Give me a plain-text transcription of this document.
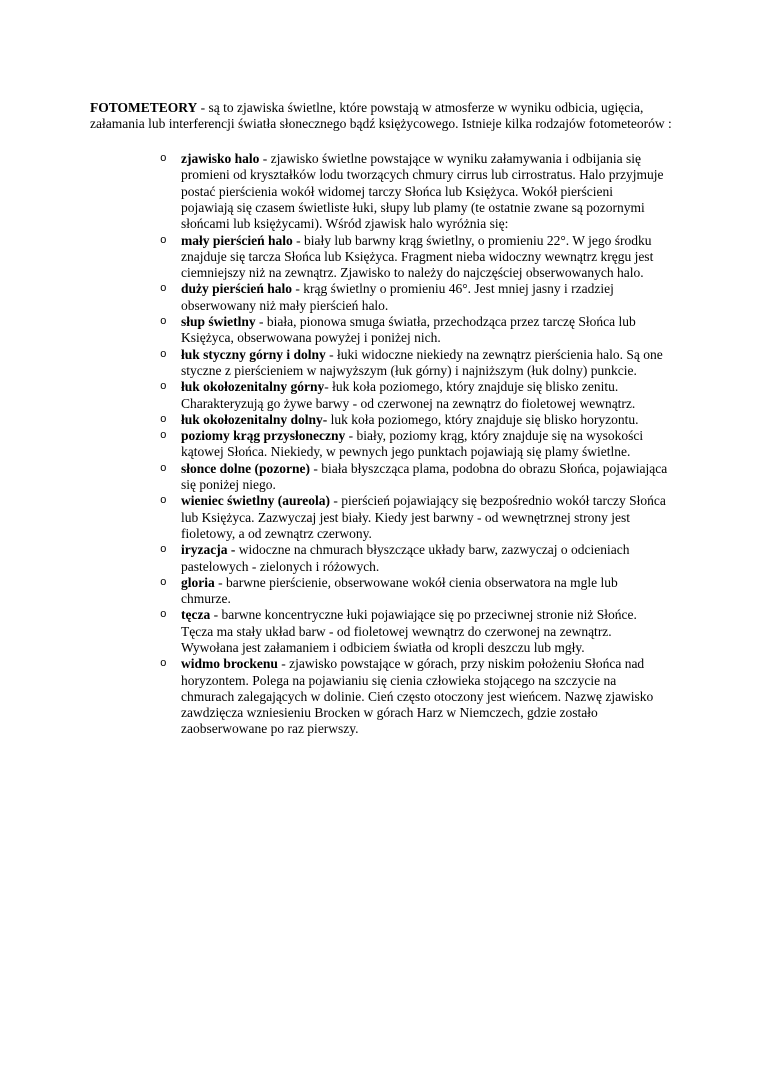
FOTOMETEORY - są to zjawiska świetlne, które powstają w atmosferze w wyniku odbicia, ugięcia, załamania lub interferencji światła słonecznego bądź księżycowego. Istnieje kilka rodzajów fotometeorów :

o	zjawisko halo - zjawisko świetlne powstające w wyniku załamywania i odbijania się promieni od kryształków lodu tworzących chmury cirrus lub cirrostratus. Halo przyjmuje postać pierścienia wokół widomej tarczy Słońca lub Księżyca. Wokół pierścieni pojawiają się czasem świetliste łuki, słupy lub plamy (te ostatnie zwane są pozornymi słońcami lub księżycami). Wśród zjawisk halo wyróżnia się:
o	mały pierścień halo - biały lub barwny krąg świetlny, o promieniu 22°. W jego środku znajduje się tarcza Słońca lub Księżyca. Fragment nieba widoczny wewnątrz kręgu jest ciemniejszy niż na zewnątrz. Zjawisko to należy do najczęściej obserwowanych halo.
o	duży pierścień halo - krąg świetlny o promieniu 46°. Jest mniej jasny i rzadziej obserwowany niż mały pierścień halo.
o	słup świetlny - biała, pionowa smuga światła, przechodząca przez tarczę Słońca lub Księżyca, obserwowana powyżej i poniżej nich.
o	łuk styczny górny i dolny - łuki widoczne niekiedy na zewnątrz pierścienia halo. Są one styczne z pierścieniem w najwyższym (łuk górny) i najniższym (łuk dolny) punkcie.
o	łuk okołozenitalny górny- łuk koła poziomego, który znajduje się blisko zenitu. Charakteryzują go żywe barwy - od czerwonej na zewnątrz do fioletowej wewnątrz.
o	łuk okołozenitalny dolny- luk koła poziomego, który znajduje się blisko horyzontu.
o	poziomy krąg przysłoneczny - biały, poziomy krąg, który znajduje się na wysokości kątowej Słońca. Niekiedy, w pewnych jego punktach pojawiają się plamy świetlne.
o	słonce dolne (pozorne) - biała błyszcząca plama, podobna do obrazu Słońca, pojawiająca się poniżej niego.
o	wieniec świetlny (aureola) - pierścień pojawiający się bezpośrednio wokół tarczy Słońca lub Księżyca. Zazwyczaj jest biały. Kiedy jest barwny - od wewnętrznej strony jest fioletowy, a od zewnątrz czerwony.
o	iryzacja - widoczne na chmurach błyszczące układy barw, zazwyczaj o odcieniach pastelowych - zielonych i różowych.
o	gloria - barwne pierścienie, obserwowane wokół cienia obserwatora na mgle lub chmurze.
o	tęcza - barwne koncentryczne łuki pojawiające się po przeciwnej stronie niż Słońce. Tęcza ma stały układ barw - od fioletowej wewnątrz do czerwonej na zewnątrz. Wywołana jest załamaniem i odbiciem światła od kropli deszczu lub mgły.
o	widmo brockenu - zjawisko powstające w górach, przy niskim położeniu Słońca nad horyzontem. Polega na pojawianiu się cienia człowieka stojącego na szczycie na chmurach zalegających w dolinie. Cień często otoczony jest wieńcem. Nazwę zjawisko zawdzięcza wzniesieniu Brocken w górach Harz w Niemczech, gdzie zostało zaobserwowane po raz pierwszy.
